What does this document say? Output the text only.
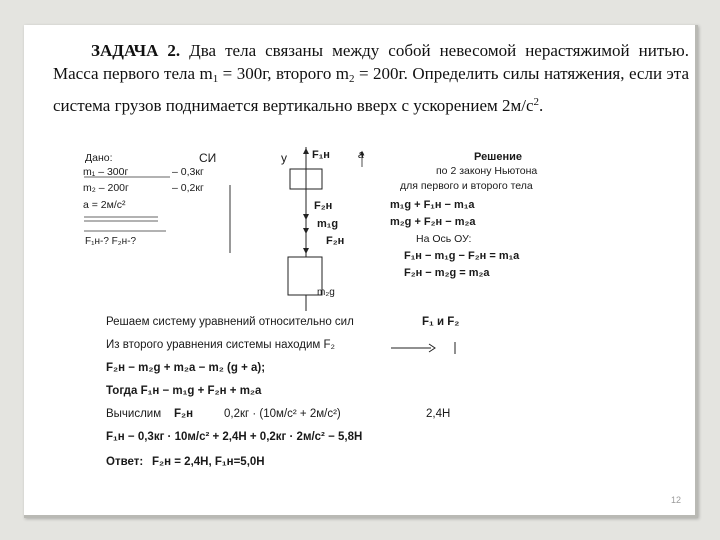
ЗАДАЧА 2. Два тела связаны между собой невесомой нерастяжимой нитью. Масса первого тела $m_1 = 300г$, второго $m_2 = 200г$. Определить силы натяжения, если эта система грузов поднимается вертикально вверх с ускорением $2м/с^2$.
Дано:	СИ
m₁ – 300г	– 0,3кг
m₂ – 200г	– 0,2кг
a = 2м/с²
F₁н-? F₂н-?
y F₁н	a
F₂н
m₁g
F₂н
m₂g
Решение
по 2 закону Ньютона
для первого и второго тела
m₁g + F₁н − m₁a
m₂g + F₂н − m₂a
На Ось ОУ:
F₁н − m₁g − F₂н = m₁a
F₂н − m₂g = m₂a
Решаем систему уравнений относительно сил	F₁ и F₂
Из второго уравнения системы находим F₂
F₂н − m₂g + m₂a − m₂ (g + a);
Тогда F₁н − m₁g + F₂н + m₂a
Вычислим F₂н	0,2кг · (10м/с² + 2м/с²)	2,4Н
F₁н − 0,3кг · 10м/с² + 2,4Н + 0,2кг · 2м/с² − 5,8Н
Ответ: F₂н = 2,4Н, F₁н=5,0Н
12
